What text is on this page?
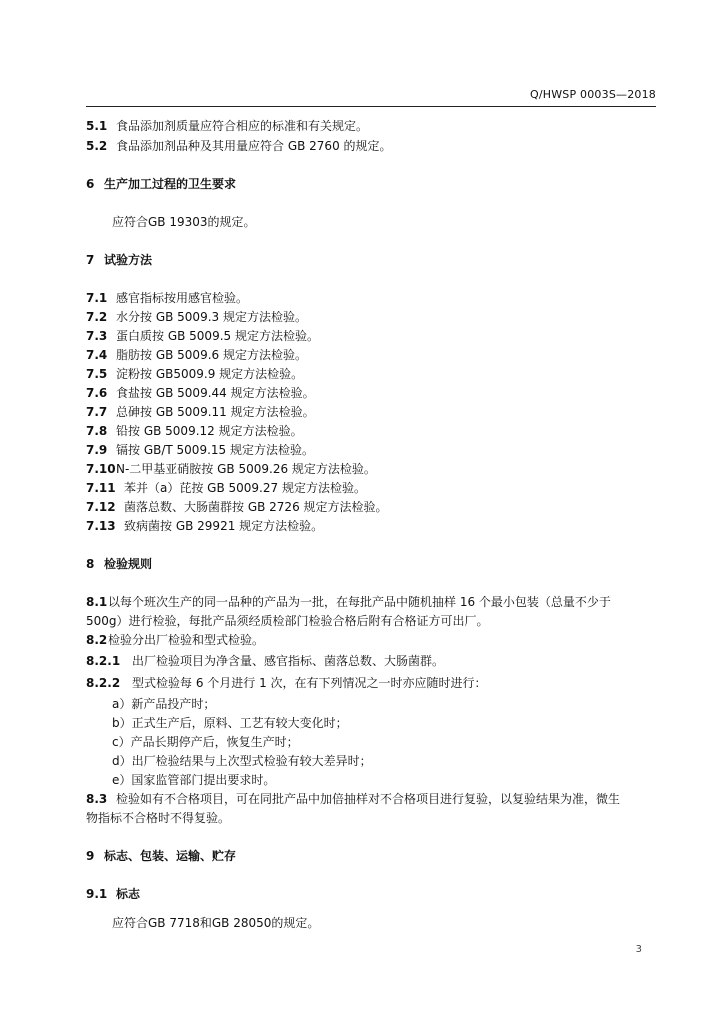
Q/HWSP 0003S—2018
5.1 食品添加剂质量应符合相应的标准和有关规定。
5.2 食品添加剂品种及其用量应符合 GB 2760 的规定。
6 生产加工过程的卫生要求
应符合GB 19303的规定。
7 试验方法
7.1 感官指标按用感官检验。
7.2 水分按 GB 5009.3 规定方法检验。
7.3 蛋白质按 GB 5009.5 规定方法检验。
7.4 脂肪按 GB 5009.6 规定方法检验。
7.5 淀粉按 GB5009.9 规定方法检验。
7.6 食盐按 GB 5009.44 规定方法检验。
7.7 总砷按 GB 5009.11 规定方法检验。
7.8 铅按 GB 5009.12 规定方法检验。
7.9 镉按 GB/T 5009.15 规定方法检验。
7.10N-二甲基亚硝胺按 GB 5009.26 规定方法检验。
7.11 苯并（a）芘按 GB 5009.27 规定方法检验。
7.12 菌落总数、大肠菌群按 GB 2726 规定方法检验。
7.13 致病菌按 GB 29921 规定方法检验。
8 检验规则
8.1以每个班次生产的同一品种的产品为一批，在每批产品中随机抽样 16 个最小包装（总量不少于
500g）进行检验，每批产品须经质检部门检验合格后附有合格证方可出厂。
8.2检验分出厂检验和型式检验。
8.2.1 出厂检验项目为净含量、感官指标、菌落总数、大肠菌群。
8.2.2 型式检验每 6 个月进行 1 次，在有下列情况之一时亦应随时进行：
a）新产品投产时；
b）正式生产后，原料、工艺有较大变化时；
c）产品长期停产后，恢复生产时；
d）出厂检验结果与上次型式检验有较大差异时；
e）国家监管部门提出要求时。
8.3 检验如有不合格项目，可在同批产品中加倍抽样对不合格项目进行复验，以复验结果为准，微生
物指标不合格时不得复验。
9 标志、包装、运输、贮存
9.1 标志
应符合GB 7718和GB 28050的规定。
3
